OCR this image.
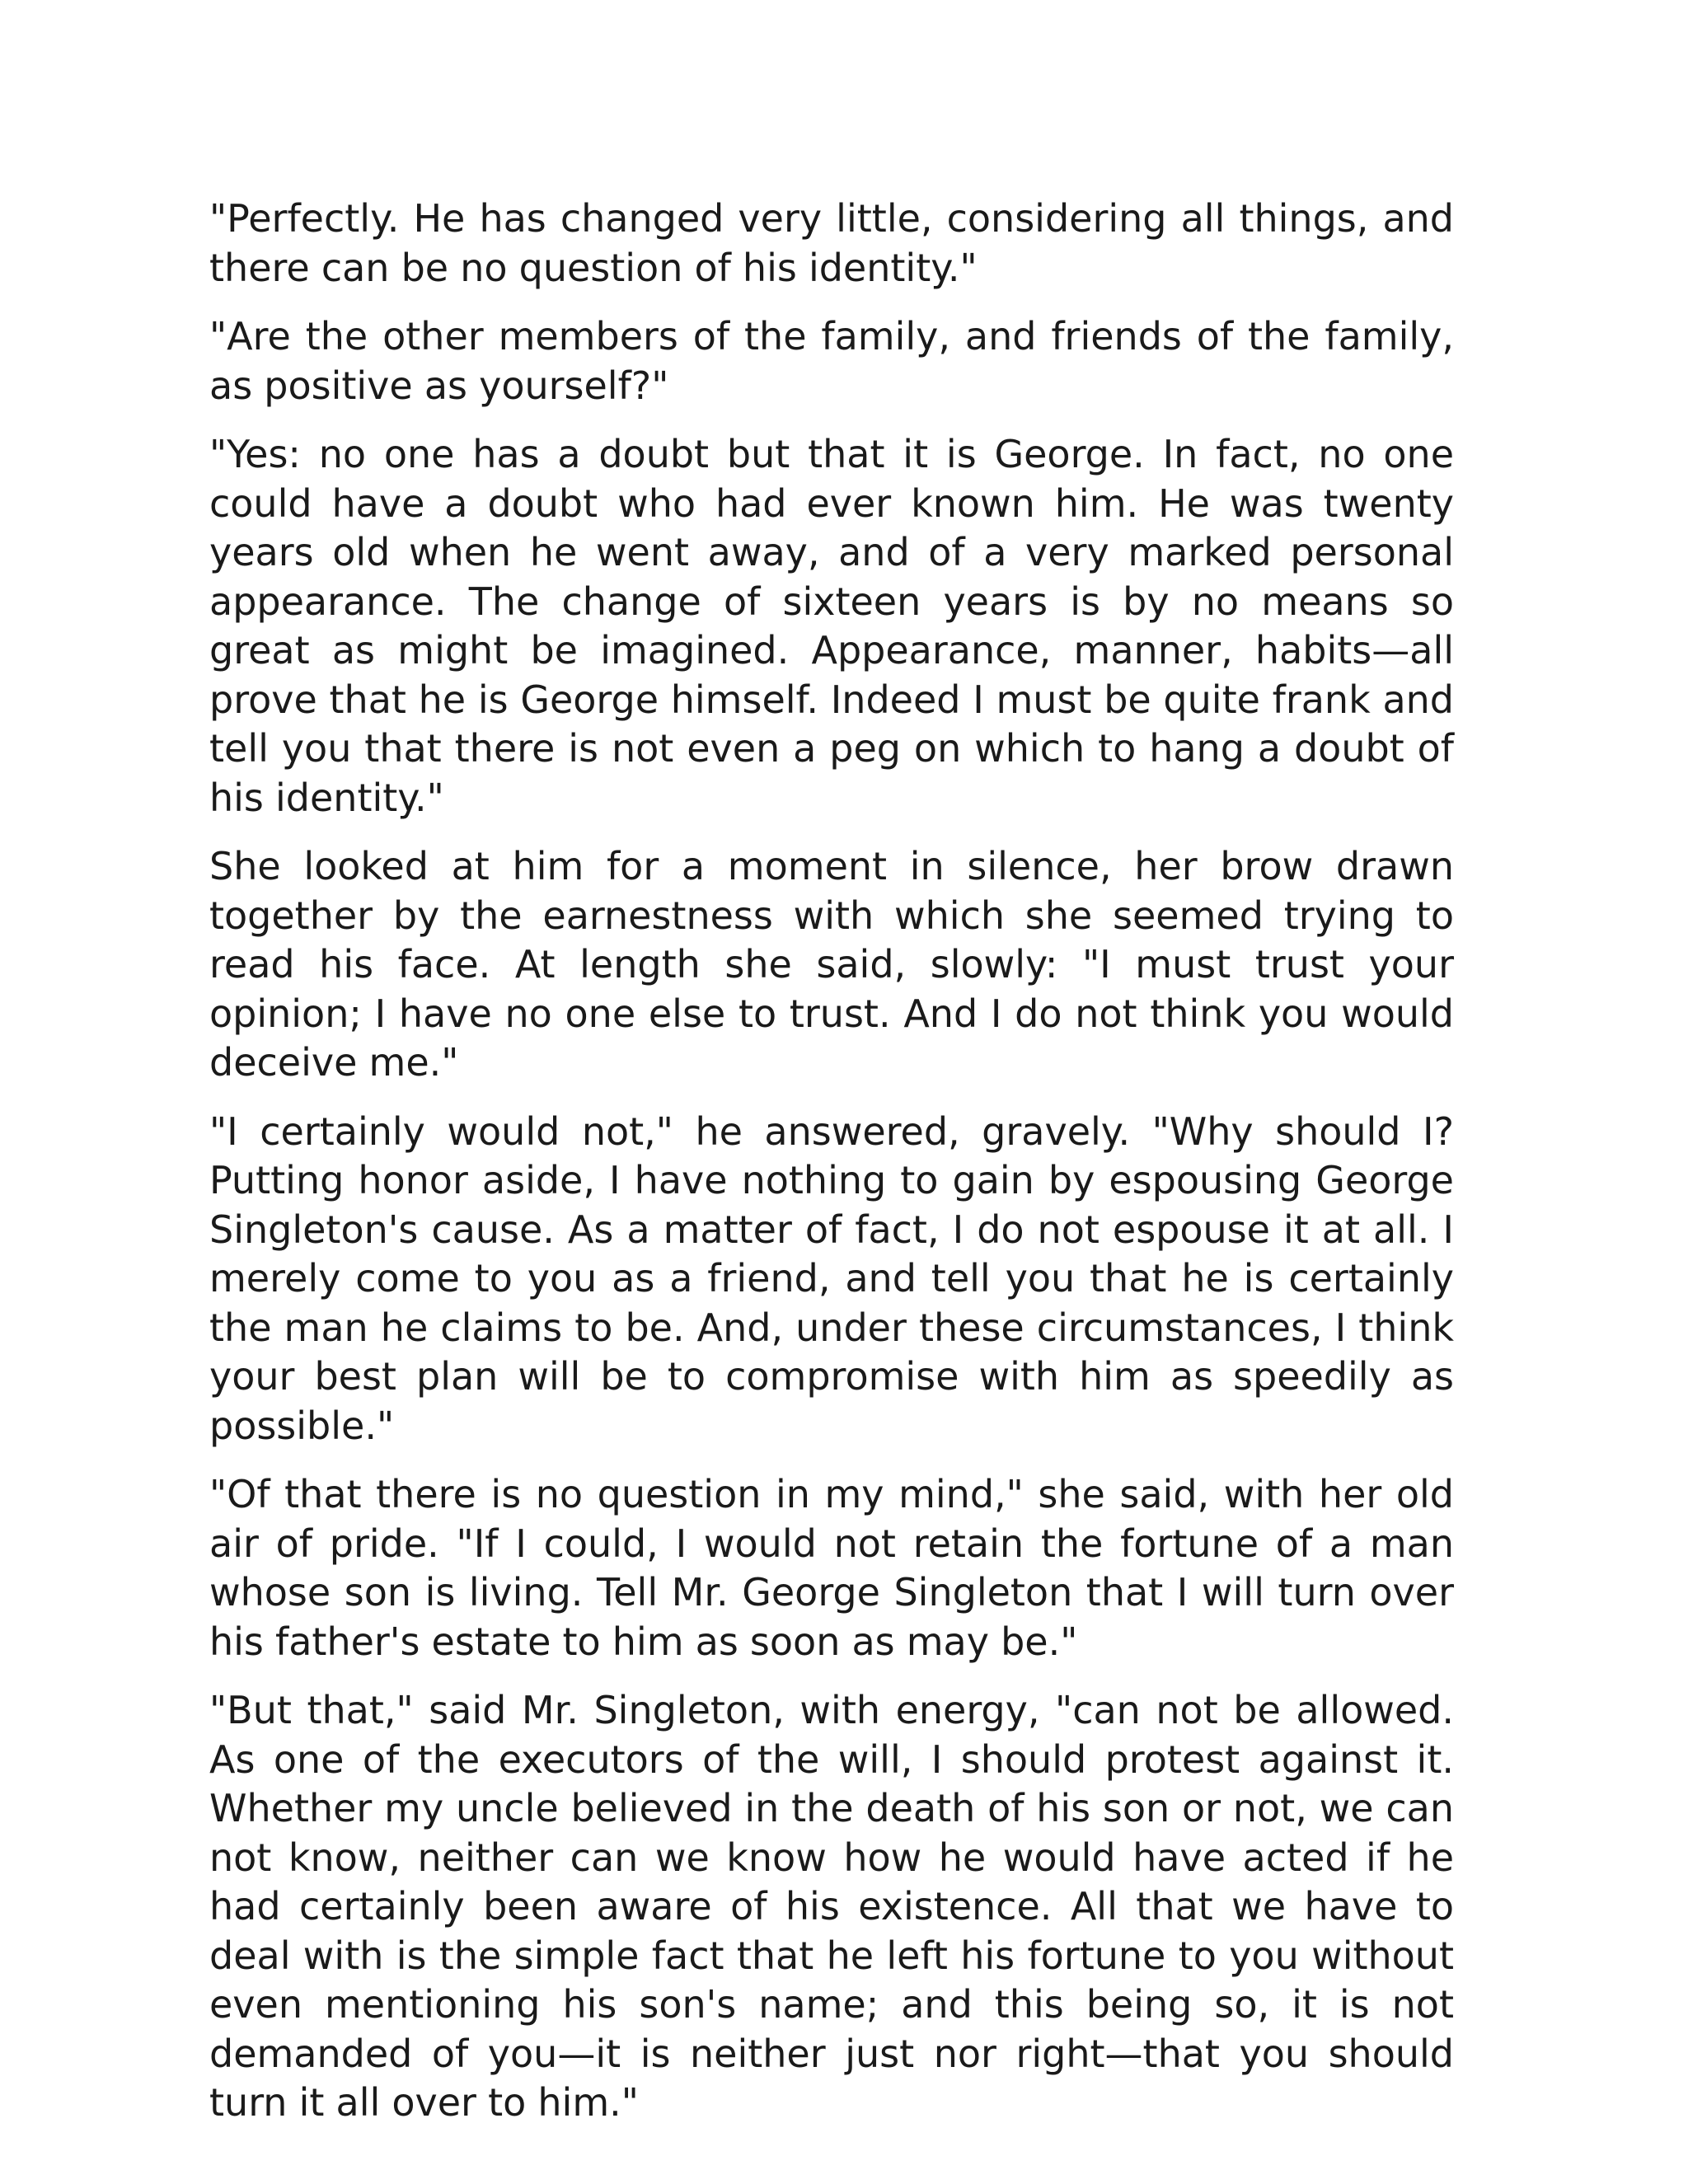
"Perfectly. He has changed very little, considering all things, and there can be no question of his identity."

"Are the other members of the family, and friends of the family, as positive as yourself?"

"Yes: no one has a doubt but that it is George. In fact, no one could have a doubt who had ever known him. He was twenty years old when he went away, and of a very marked personal appearance. The change of sixteen years is by no means so great as might be imagined. Appearance, manner, habits—all prove that he is George himself. Indeed I must be quite frank and tell you that there is not even a peg on which to hang a doubt of his identity."

She looked at him for a moment in silence, her brow drawn together by the earnestness with which she seemed trying to read his face. At length she said, slowly: "I must trust your opinion; I have no one else to trust. And I do not think you would deceive me."

"I certainly would not," he answered, gravely. "Why should I? Putting honor aside, I have nothing to gain by espousing George Singleton's cause. As a matter of fact, I do not espouse it at all. I merely come to you as a friend, and tell you that he is certainly the man he claims to be. And, under these circumstances, I think your best plan will be to compromise with him as speedily as possible."

"Of that there is no question in my mind," she said, with her old air of pride. "If I could, I would not retain the fortune of a man whose son is living. Tell Mr. George Singleton that I will turn over his father's estate to him as soon as may be."

"But that," said Mr. Singleton, with energy, "can not be allowed. As one of the executors of the will, I should protest against it. Whether my uncle believed in the death of his son or not, we can not know, neither can we know how he would have acted if he had certainly been aware of his existence. All that we have to deal with is the simple fact that he left his fortune to you without even mentioning his son's name; and this being so, it is not demanded of you—it is neither just nor right—that you should turn it all over to him."
